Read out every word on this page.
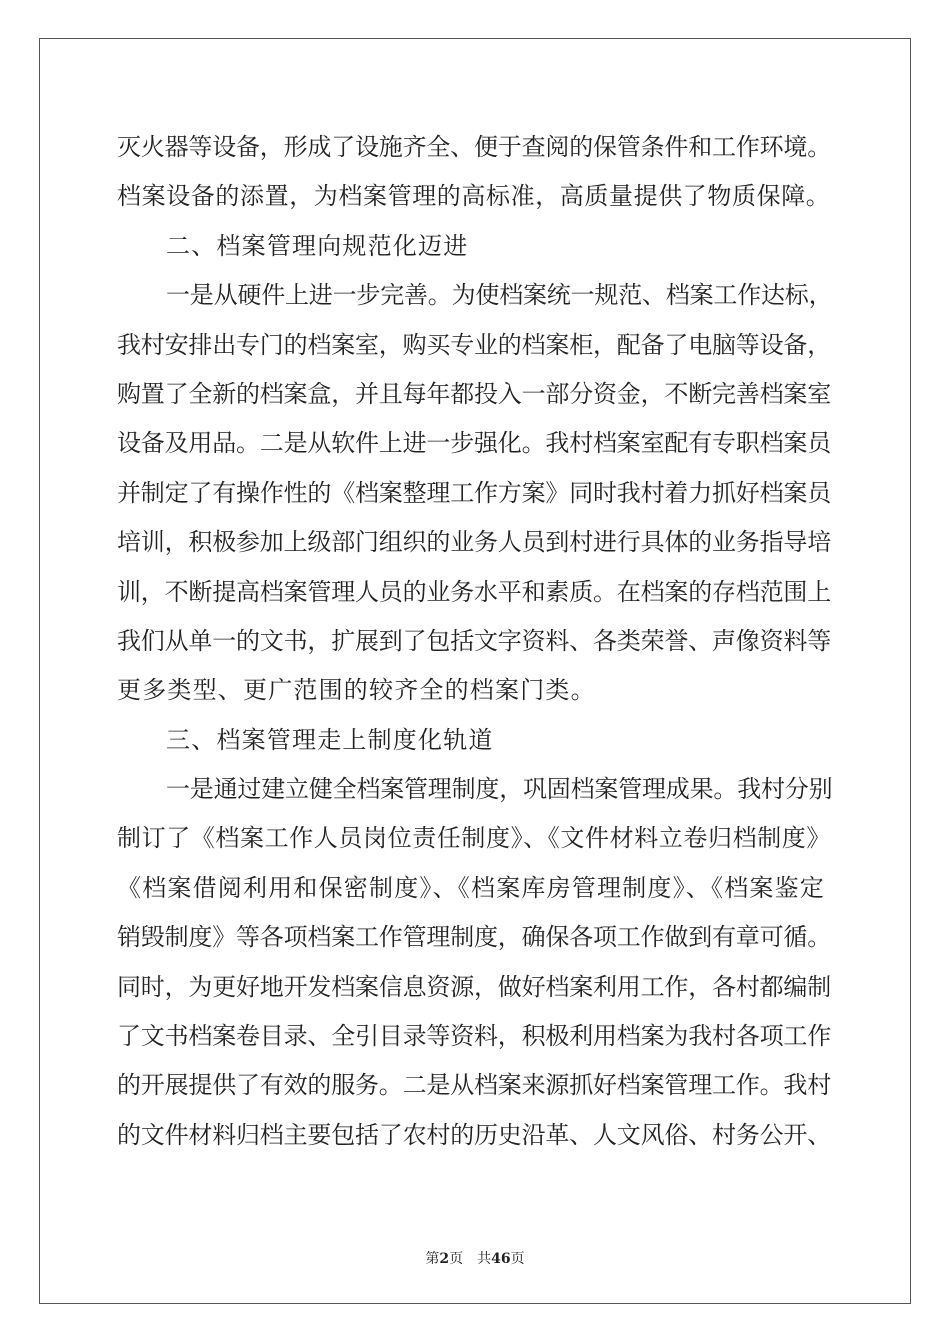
灭火器等设备，形成了设施齐全、便于查阅的保管条件和工作环境。
档案设备的添置，为档案管理的高标准，高质量提供了物质保障。
二、档案管理向规范化迈进
一是从硬件上进一步完善。为使档案统一规范、档案工作达标，
我村安排出专门的档案室，购买专业的档案柜，配备了电脑等设备，
购置了全新的档案盒，并且每年都投入一部分资金，不断完善档案室
设备及用品。二是从软件上进一步强化。我村档案室配有专职档案员
并制定了有操作性的《档案整理工作方案》同时我村着力抓好档案员
培训，积极参加上级部门组织的业务人员到村进行具体的业务指导培
训，不断提高档案管理人员的业务水平和素质。在档案的存档范围上
我们从单一的文书，扩展到了包括文字资料、各类荣誉、声像资料等
更多类型、更广范围的较齐全的档案门类。
三、档案管理走上制度化轨道
一是通过建立健全档案管理制度，巩固档案管理成果。我村分别
制订了《档案工作人员岗位责任制度》、《文件材料立卷归档制度》
《档案借阅利用和保密制度》、《档案库房管理制度》、《档案鉴定
销毁制度》等各项档案工作管理制度，确保各项工作做到有章可循。
同时，为更好地开发档案信息资源，做好档案利用工作，各村都编制
了文书档案卷目录、全引目录等资料，积极利用档案为我村各项工作
的开展提供了有效的服务。二是从档案来源抓好档案管理工作。我村
的文件材料归档主要包括了农村的历史沿革、人文风俗、村务公开、
第2页 共46页
